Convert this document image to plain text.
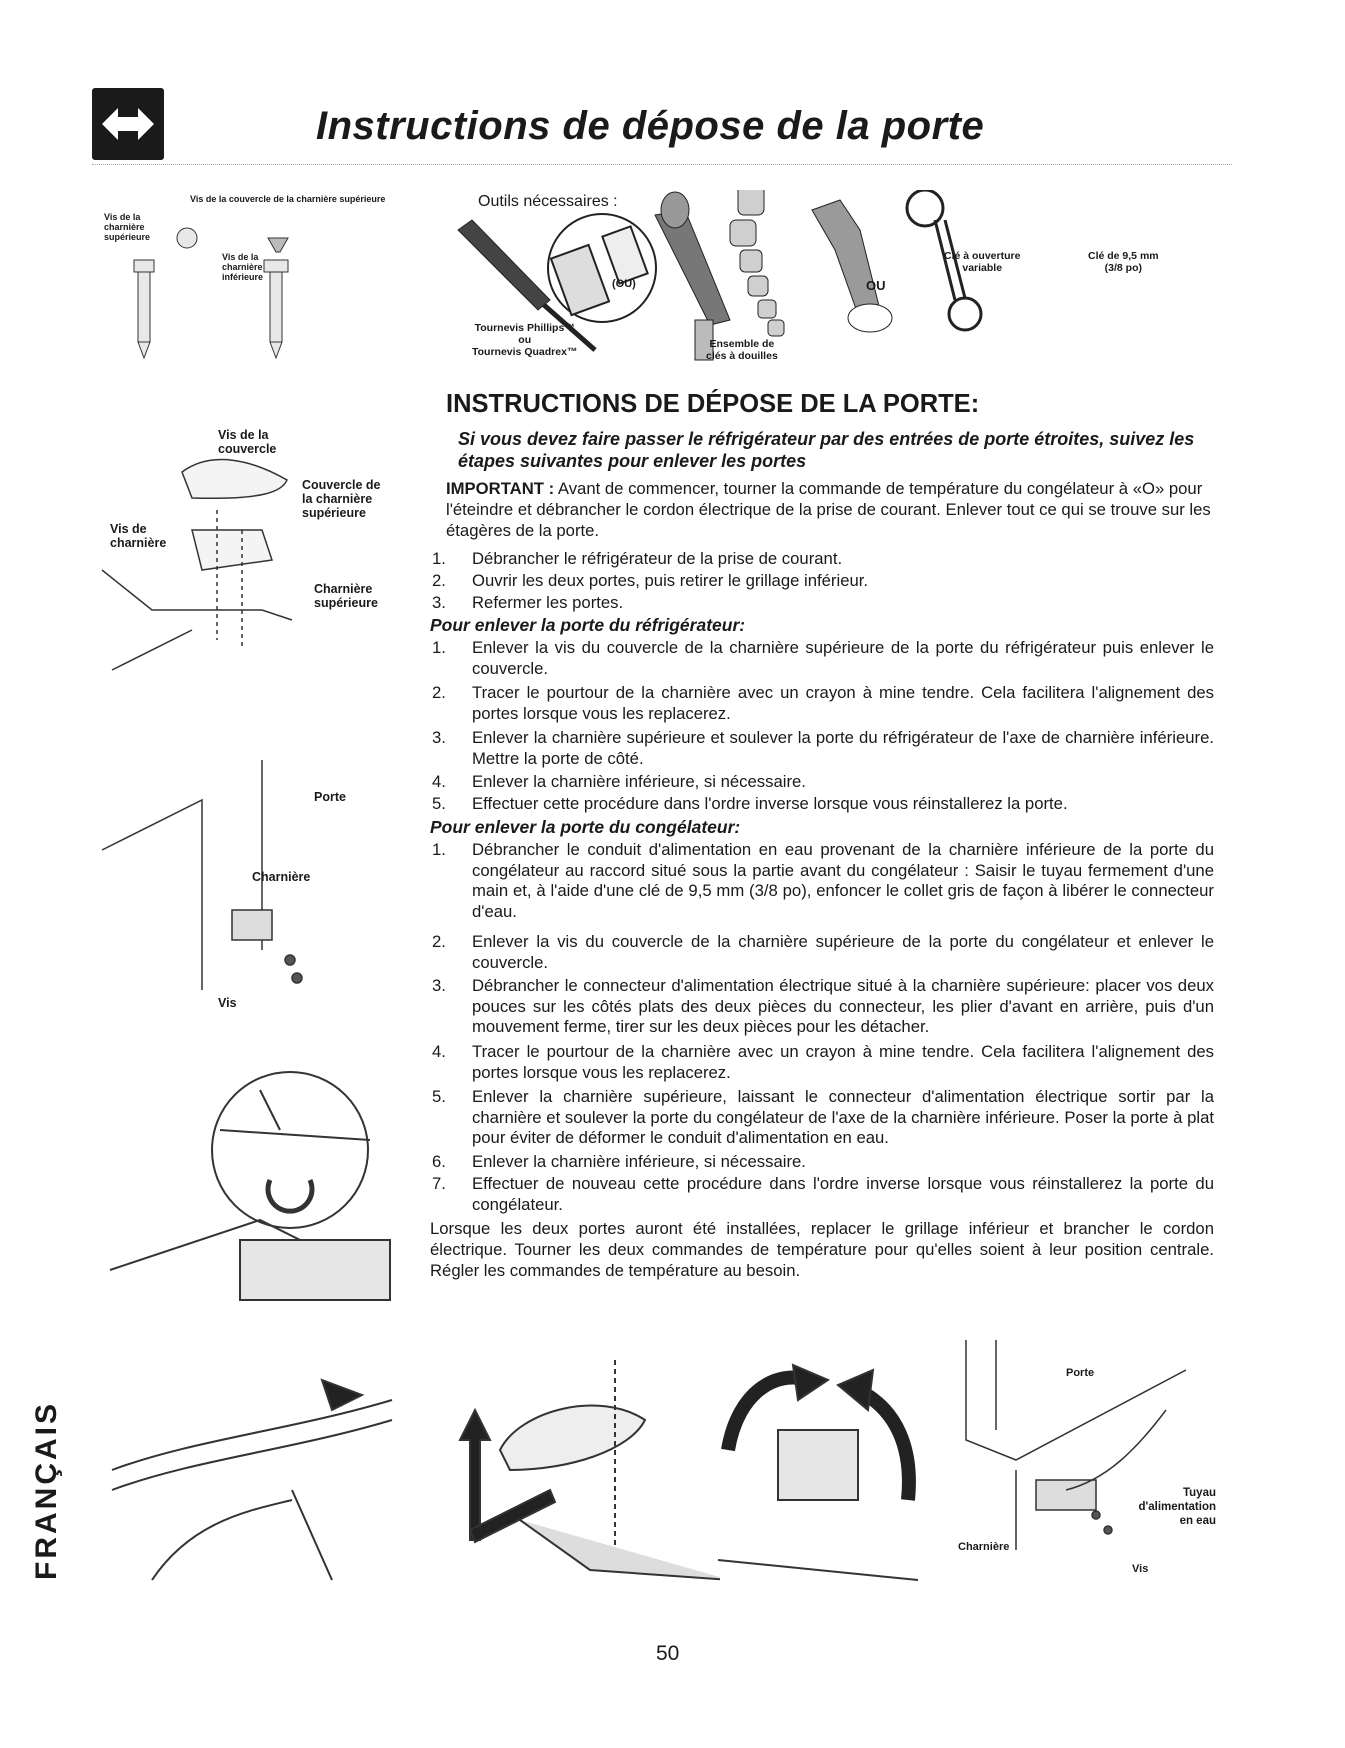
Instructions de dépose de la porte
Outils nécessaires :
Tournevis Phillips™
ou
Tournevis Quadrex™
(OU)
Ensemble de
clés à douilles
OU
Clé à ouverture
variable
Clé de 9,5 mm
(3/8 po)
Vis de la couvercle de la charnière supérieure
Vis de la charnière supérieure
Vis de la charnière inférieure
Vis de la couvercle
Couvercle de la charnière supérieure
Vis de charnière
Charnière supérieure
Porte
Charnière
Vis
INSTRUCTIONS DE DÉPOSE DE LA PORTE:
Si vous devez faire passer le réfrigérateur par des entrées de porte étroites, suivez les étapes suivantes pour enlever les portes
IMPORTANT : Avant de commencer, tourner la commande de température du congélateur à «O» pour l'éteindre et débrancher le cordon électrique de la prise de courant. Enlever tout ce qui se trouve sur les étagères de la porte.
1.	Débrancher le réfrigérateur de la prise de courant.
2.	Ouvrir les deux portes, puis retirer le grillage inférieur.
3.	Refermer les portes.
Pour enlever la porte du réfrigérateur:
1.	Enlever la vis du couvercle de la charnière supérieure de la porte du réfrigérateur puis enlever le couvercle.
2.	Tracer le pourtour de la charnière avec un crayon à mine tendre. Cela facilitera l'alignement des portes lorsque vous les replacerez.
3.	Enlever la charnière supérieure et soulever la porte du réfrigérateur de l'axe de charnière inférieure. Mettre la porte de côté.
4.	Enlever la charnière inférieure, si nécessaire.
5.	Effectuer cette procédure dans l'ordre inverse lorsque vous réinstallerez la porte.
Pour enlever la porte du congélateur:
1.	Débrancher le conduit d'alimentation en eau provenant de la charnière inférieure de la porte du congélateur au raccord situé sous la partie avant du congélateur : Saisir le tuyau fermement d'une main et, à l'aide d'une clé de 9,5 mm (3/8 po), enfoncer le collet gris de façon à libérer le connecteur d'eau.
2.	Enlever la vis du couvercle de la charnière supérieure de la porte du congélateur et enlever le couvercle.
3.	Débrancher le connecteur d'alimentation électrique situé à la charnière supérieure: placer vos deux pouces sur les côtés plats des deux pièces du connecteur, les plier d'avant en arrière, puis d'un mouvement ferme, tirer sur les deux pièces pour les détacher.
4.	Tracer le pourtour de la charnière avec un crayon à mine tendre. Cela facilitera l'alignement des portes lorsque vous les replacerez.
5.	Enlever la charnière supérieure, laissant le connecteur d'alimentation électrique sortir par la charnière et soulever la porte du congélateur de l'axe de la charnière inférieure. Poser la porte à plat pour éviter de déformer le conduit d'alimentation en eau.
6.	Enlever la charnière inférieure, si nécessaire.
7.	Effectuer de nouveau cette procédure dans l'ordre inverse lorsque vous réinstallerez la porte du congélateur.
Lorsque les deux portes auront été installées, replacer le grillage inférieur et brancher le cordon électrique. Tourner les deux commandes de température pour qu'elles soient à leur position centrale. Régler les commandes de température au besoin.
Porte
Tuyau d'alimentation en eau
Charnière
Vis
FRANÇAIS
50
